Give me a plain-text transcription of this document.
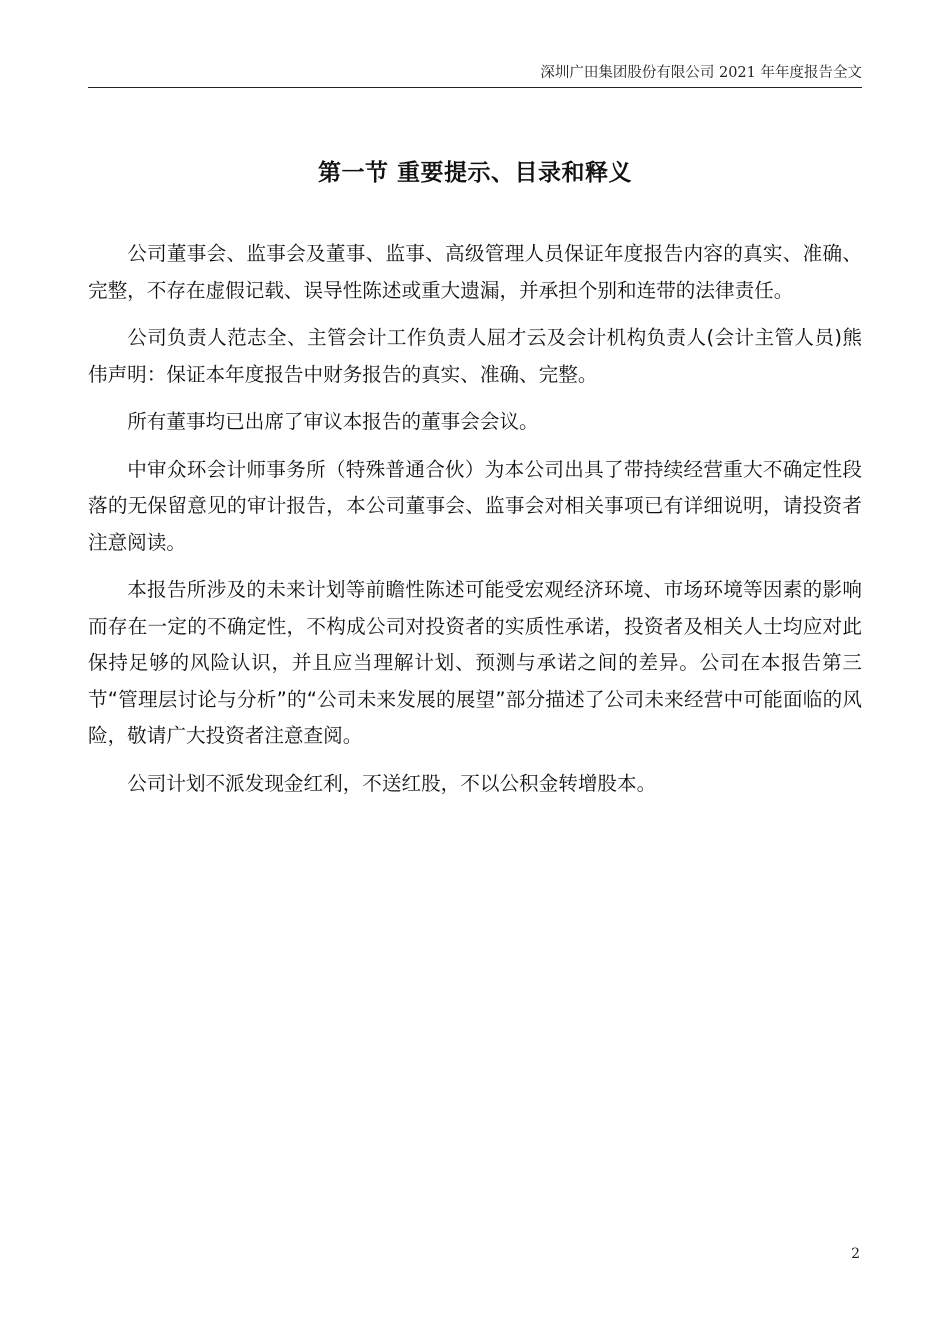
深圳广田集团股份有限公司 2021 年年度报告全文
第一节 重要提示、目录和释义

公司董事会、监事会及董事、监事、高级管理人员保证年度报告内容的真实、准确、完整，不存在虚假记载、误导性陈述或重大遗漏，并承担个别和连带的法律责任。

公司负责人范志全、主管会计工作负责人屈才云及会计机构负责人(会计主管人员)熊伟声明：保证本年度报告中财务报告的真实、准确、完整。

所有董事均已出席了审议本报告的董事会会议。

中审众环会计师事务所（特殊普通合伙）为本公司出具了带持续经营重大不确定性段落的无保留意见的审计报告，本公司董事会、监事会对相关事项已有详细说明，请投资者注意阅读。

本报告所涉及的未来计划等前瞻性陈述可能受宏观经济环境、市场环境等因素的影响而存在一定的不确定性，不构成公司对投资者的实质性承诺，投资者及相关人士均应对此保持足够的风险认识，并且应当理解计划、预测与承诺之间的差异。公司在本报告第三节“管理层讨论与分析”的“公司未来发展的展望”部分描述了公司未来经营中可能面临的风险，敬请广大投资者注意查阅。

公司计划不派发现金红利，不送红股，不以公积金转增股本。

2
